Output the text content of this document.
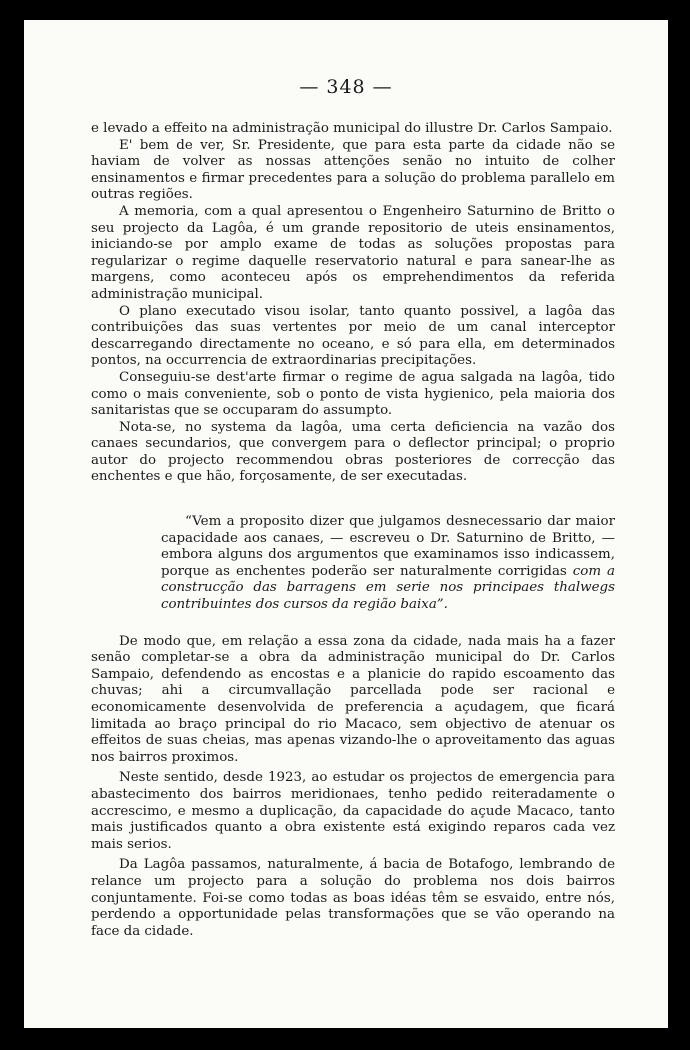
— 348 —

e levado a effeito na administração municipal do illustre Dr. Carlos Sampaio.

E' bem de ver, Sr. Presidente, que para esta parte da cidade não se haviam de volver as nossas attenções senão no intuito de colher ensinamentos e firmar precedentes para a solução do problema parallelo em outras regiões.

A memoria, com a qual apresentou o Engenheiro Saturnino de Britto o seu projecto da Lagôa, é um grande repositorio de uteis ensinamentos, iniciando-se por amplo exame de todas as soluções propostas para regularizar o regime daquelle reservatorio natural e para sanear-lhe as margens, como aconteceu após os emprehendimentos da referida administração municipal.

O plano executado visou isolar, tanto quanto possivel, a lagôa das contribuições das suas vertentes por meio de um canal interceptor descarregando directamente no oceano, e só para ella, em determinados pontos, na occurrencia de extraordinarias precipitações.

Conseguiu-se dest'arte firmar o regime de agua salgada na lagôa, tido como o mais conveniente, sob o ponto de vista hygienico, pela maioria dos sanitaristas que se occuparam do assumpto.

Nota-se, no systema da lagôa, uma certa deficiencia na vazão dos canaes secundarios, que convergem para o deflector principal; o proprio autor do projecto recommendou obras posteriores de correcção das enchentes e que hão, forçosamente, de ser executadas.

“Vem a proposito dizer que julgamos desnecessario dar maior capacidade aos canaes, — escreveu o Dr. Saturnino de Britto, — embora alguns dos argumentos que examinamos isso indicassem, porque as enchentes poderão ser naturalmente corrigidas com a construcção das barragens em serie nos principaes thalwegs contribuintes dos cursos da região baixa”.

De modo que, em relação a essa zona da cidade, nada mais ha a fazer senão completar-se a obra da administração municipal do Dr. Carlos Sampaio, defendendo as encostas e a planicie do rapido escoamento das chuvas; ahi a circumvallação parcellada pode ser racional e economicamente desenvolvida de preferencia a açudagem, que ficará limitada ao braço principal do rio Macaco, sem objectivo de atenuar os effeitos de suas cheias, mas apenas vizando-lhe o aproveitamento das aguas nos bairros proximos.

Neste sentido, desde 1923, ao estudar os projectos de emergencia para abastecimento dos bairros meridionaes, tenho pedido reiteradamente o accrescimo, e mesmo a duplicação, da capacidade do açude Macaco, tanto mais justificados quanto a obra existente está exigindo reparos cada vez mais serios.

Da Lagôa passamos, naturalmente, á bacia de Botafogo, lembrando de relance um projecto para a solução do problema nos dois bairros conjuntamente. Foi-se como todas as boas idéas têm se esvaido, entre nós, perdendo a opportunidade pelas transformações que se vão operando na face da cidade.
